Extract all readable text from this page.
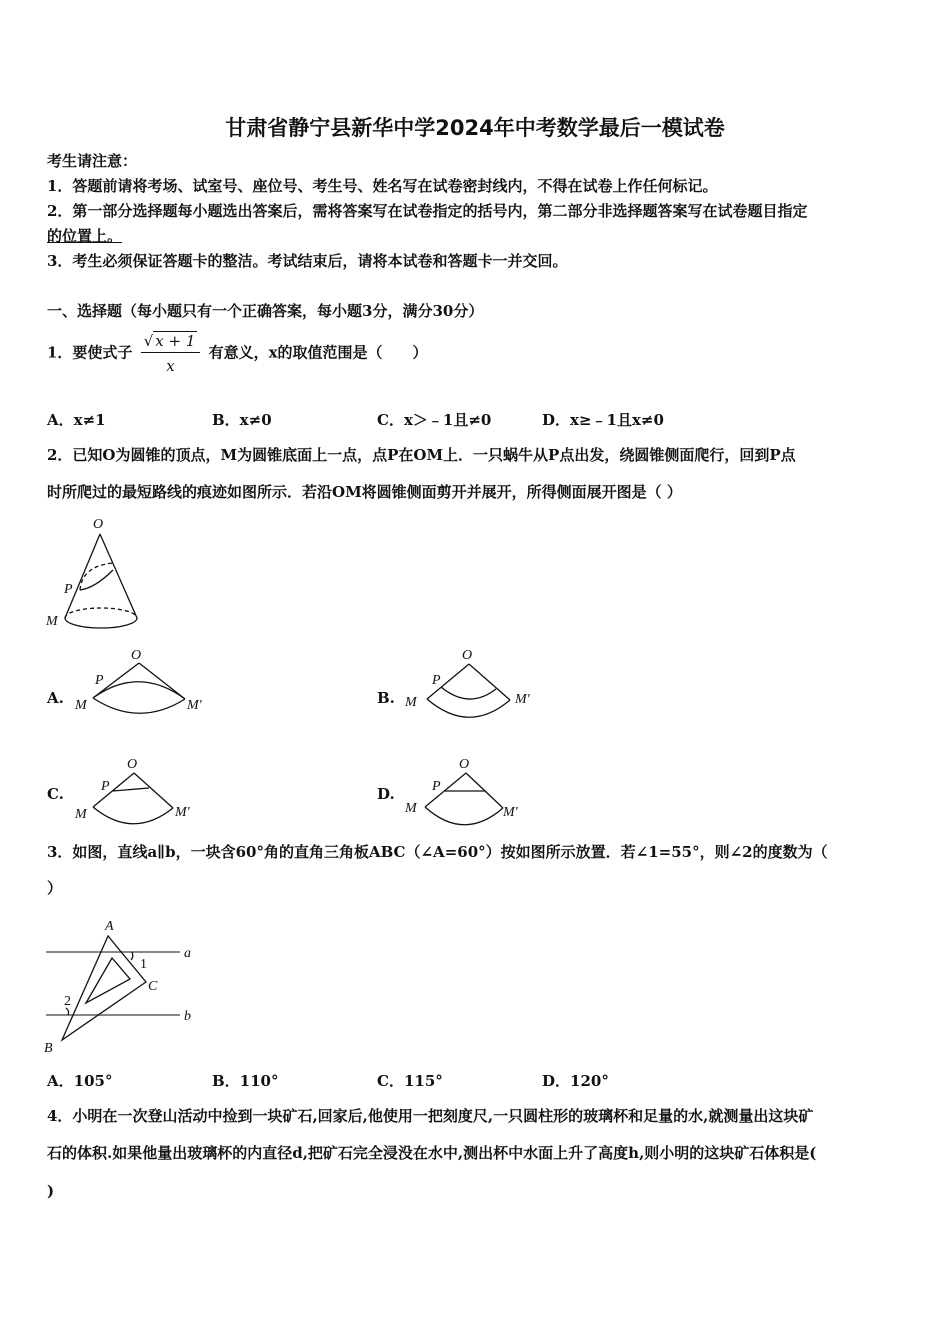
甘肃省静宁县新华中学2024年中考数学最后一模试卷
考生请注意：
1．答题前请将考场、试室号、座位号、考生号、姓名写在试卷密封线内，不得在试卷上作任何标记。
2．第一部分选择题每小题选出答案后，需将答案写在试卷指定的括号内，第二部分非选择题答案写在试卷题目指定
的位置上。
3．考生必须保证答题卡的整洁。考试结束后，请将本试卷和答题卡一并交回。
一、选择题（每小题只有一个正确答案，每小题3分，满分30分）
1．要使式子 $\frac{√ x + 1}{x}$ 有意义，x的取值范围是（　　）
A．x≠1	B．x≠0	C．x＞﹣1且≠0	D．x≥﹣1且x≠0
2．已知O为圆锥的顶点，M为圆锥底面上一点，点P在OM上．一只蜗牛从P点出发，绕圆锥侧面爬行，回到P点
时所爬过的最短路线的痕迹如图所示．若沿OM将圆锥侧面剪开并展开，所得侧面展开图是（ ）
A.	B.
C.	D.
3．如图，直线a∥b，一块含60°角的直角三角板ABC（∠A=60°）按如图所示放置．若∠1=55°，则∠2的度数为（
）
A．105°	B．110°	C．115°	D．120°
4．小明在一次登山活动中捡到一块矿石,回家后,他使用一把刻度尺,一只圆柱形的玻璃杯和足量的水,就测量出这块矿
石的体积.如果他量出玻璃杯的内直径d,把矿石完全浸没在水中,测出杯中水面上升了高度h,则小明的这块矿石体积是(
)
O
P
M
O
P
M	M′
O
P
M	M′
O
P
M	M′
O
P
M	M′
A
B
C
a
b
1
2
